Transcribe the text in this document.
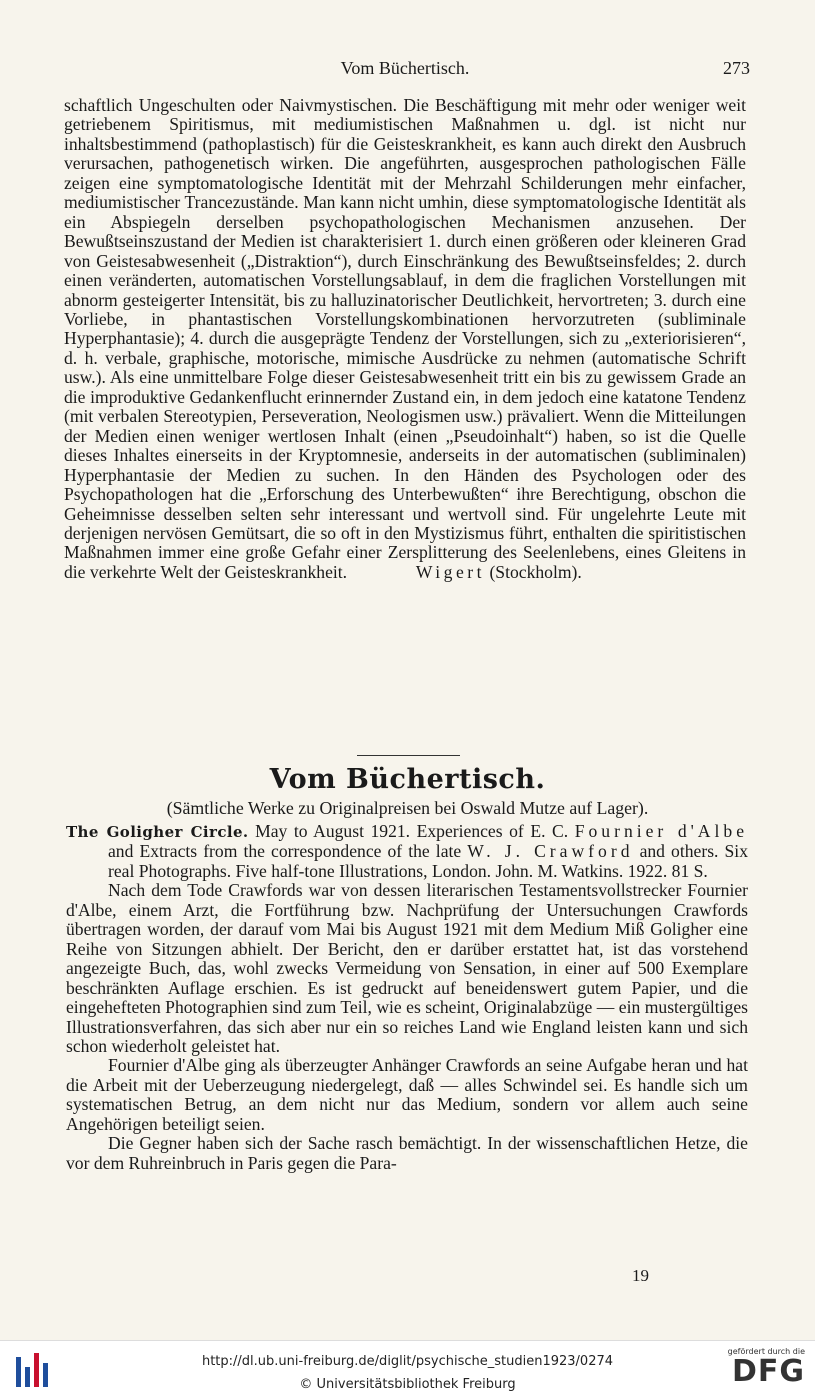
Vom Büchertisch.	273

schaftlich Ungeschulten oder Naivmystischen. Die Beschäftigung mit mehr oder weniger weit getriebenem Spiritismus, mit mediumistischen Maßnahmen u. dgl. ist nicht nur inhaltsbestimmend (pathoplastisch) für die Geisteskrankheit, es kann auch direkt den Ausbruch verursachen, pathogenetisch wirken. Die angeführten, ausgesprochen pathologischen Fälle zeigen eine symptomatologische Identität mit der Mehrzahl Schilderungen mehr einfacher, mediumistischer Trancezustände. Man kann nicht umhin, diese symptomatologische Identität als ein Abspiegeln derselben psychopathologischen Mechanismen anzusehen. Der Bewußtseinszustand der Medien ist charakterisiert 1. durch einen größeren oder kleineren Grad von Geistesabwesenheit („Distraktion“), durch Einschränkung des Bewußtseinsfeldes; 2. durch einen veränderten, automatischen Vorstellungsablauf, in dem die fraglichen Vorstellungen mit abnorm gesteigerter Intensität, bis zu halluzinatorischer Deutlichkeit, hervortreten; 3. durch eine Vorliebe, in phantastischen Vorstellungskombinationen hervorzutreten (subliminale Hyperphantasie); 4. durch die ausgeprägte Tendenz der Vorstellungen, sich zu „exteriorisieren“, d. h. verbale, graphische, motorische, mimische Ausdrücke zu nehmen (automatische Schrift usw.). Als eine unmittelbare Folge dieser Geistesabwesenheit tritt ein bis zu gewissem Grade an die improduktive Gedankenflucht erinnernder Zustand ein, in dem jedoch eine katatone Tendenz (mit verbalen Stereotypien, Perseveration, Neologismen usw.) prävaliert. Wenn die Mitteilungen der Medien einen weniger wertlosen Inhalt (einen „Pseudoinhalt“) haben, so ist die Quelle dieses Inhaltes einerseits in der Kryptomnesie, anderseits in der automatischen (subliminalen) Hyperphantasie der Medien zu suchen. In den Händen des Psychologen oder des Psychopathologen hat die „Erforschung des Unterbewußten“ ihre Berechtigung, obschon die Geheimnisse desselben selten sehr interessant und wertvoll sind. Für ungelehrte Leute mit derjenigen nervösen Gemütsart, die so oft in den Mystizismus führt, enthalten die spiritistischen Maßnahmen immer eine große Gefahr einer Zersplitterung des Seelenlebens, eines Gleitens in die verkehrte Welt der Geisteskrankheit.	Wigert (Stockholm).

Vom Büchertisch.
(Sämtliche Werke zu Originalpreisen bei Oswald Mutze auf Lager).

The Goligher Circle. May to August 1921. Experiences of E. C. Fournier d'Albe and Extracts from the correspondence of the late W. J. Crawford and others. Six real Photographs. Five half-tone Illustrations, London. John. M. Watkins. 1922. 81 S.

Nach dem Tode Crawfords war von dessen literarischen Testamentsvollstrecker Fournier d'Albe, einem Arzt, die Fortführung bzw. Nachprüfung der Untersuchungen Crawfords übertragen worden, der darauf vom Mai bis August 1921 mit dem Medium Miß Goligher eine Reihe von Sitzungen abhielt. Der Bericht, den er darüber erstattet hat, ist das vorstehend angezeigte Buch, das, wohl zwecks Vermeidung von Sensation, in einer auf 500 Exemplare beschränkten Auflage erschien. Es ist gedruckt auf beneidenswert gutem Papier, und die eingehefteten Photographien sind zum Teil, wie es scheint, Originalabzüge — ein mustergültiges Illustrationsverfahren, das sich aber nur ein so reiches Land wie England leisten kann und sich schon wiederholt geleistet hat.

Fournier d'Albe ging als überzeugter Anhänger Crawfords an seine Aufgabe heran und hat die Arbeit mit der Ueberzeugung niedergelegt, daß — alles Schwindel sei. Es handle sich um systematischen Betrug, an dem nicht nur das Medium, sondern vor allem auch seine Angehörigen beteiligt seien.

Die Gegner haben sich der Sache rasch bemächtigt. In der wissenschaftlichen Hetze, die vor dem Ruhreinbruch in Paris gegen die Para-

19
http://dl.ub.uni-freiburg.de/diglit/psychische_studien1923/0274
© Universitätsbibliothek Freiburg
gefördert durch die
DFG
